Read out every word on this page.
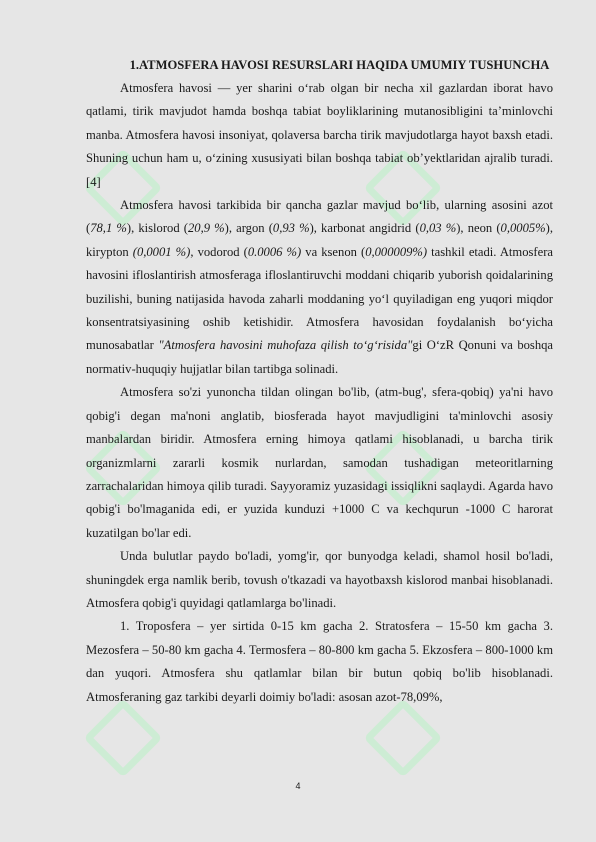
1.ATMOSFERA HAVOSI RESURSLARI HAQIDA UMUMIY TUSHUNCHA

Atmosfera havosi — yer sharini oʻrab olgan bir necha xil gazlardan iborat havo qatlami, tirik mavjudot hamda boshqa tabiat boyliklarining mutanosibligini taʼminlovchi manba. Atmosfera havosi insoniyat, qolaversa barcha tirik mavjudotlarga hayot baxsh etadi. Shuning uchun ham u, oʻzining xususiyati bilan boshqa tabiat obʼyektlaridan ajralib turadi. [4]

Atmosfera havosi tarkibida bir qancha gazlar mavjud boʻlib, ularning asosini azot (78,1 %), kislorod (20,9 %), argon (0,93 %), karbonat angidrid (0,03 %), neon (0,0005%), kirypton (0,0001 %), vodorod (0.0006 %) va ksenon (0,000009%) tashkil etadi. Atmosfera havosini ifloslantirish atmosferaga ifloslantiruvchi moddani chiqarib yuborish qoidalarining buzilishi, buning natijasida havoda zaharli moddaning yoʻl quyiladigan eng yuqori miqdor konsentratsiyasining oshib ketishidir. Atmosfera havosidan foydalanish boʻyicha munosabatlar "Atmosfera havosini muhofaza qilish toʻgʻrisida"gi OʻzR Qonuni va boshqa normativ-huquqiy hujjatlar bilan tartibga solinadi.

Atmosfera so'zi yunoncha tildan olingan bo'lib, (atm-bug', sfera-qobiq) ya'ni havo qobig'i degan ma'noni anglatib, biosferada hayot mavjudligini ta'minlovchi asosiy manbalardan biridir. Atmosfera erning himoya qatlami hisoblanadi, u barcha tirik organizmlarni zararli kosmik nurlardan, samodan tushadigan meteoritlarning zarrachalaridan himoya qilib turadi. Sayyoramiz yuzasidagi issiqlikni saqlaydi. Agarda havo qobig'i bo'lmaganida edi, er yuzida kunduzi +1000 C va kechqurun -1000 C harorat kuzatilgan bo'lar edi.

Unda bulutlar paydo bo'ladi, yomg'ir, qor bunyodga keladi, shamol hosil bo'ladi, shuningdek erga namlik berib, tovush o'tkazadi va hayotbaxsh kislorod manbai hisoblanadi. Atmosfera qobig'i quyidagi qatlamlarga bo'linadi.

1. Troposfera – yer sirtida 0-15 km gacha 2. Stratosfera – 15-50 km gacha 3. Mezosfera – 50-80 km gacha 4. Termosfera – 80-800 km gacha 5. Ekzosfera – 800-1000 km dan yuqori. Atmosfera shu qatlamlar bilan bir butun qobiq bo'lib hisoblanadi. Atmosferaning gaz tarkibi deyarli doimiy bo'ladi: asosan azot-78,09%,

4
